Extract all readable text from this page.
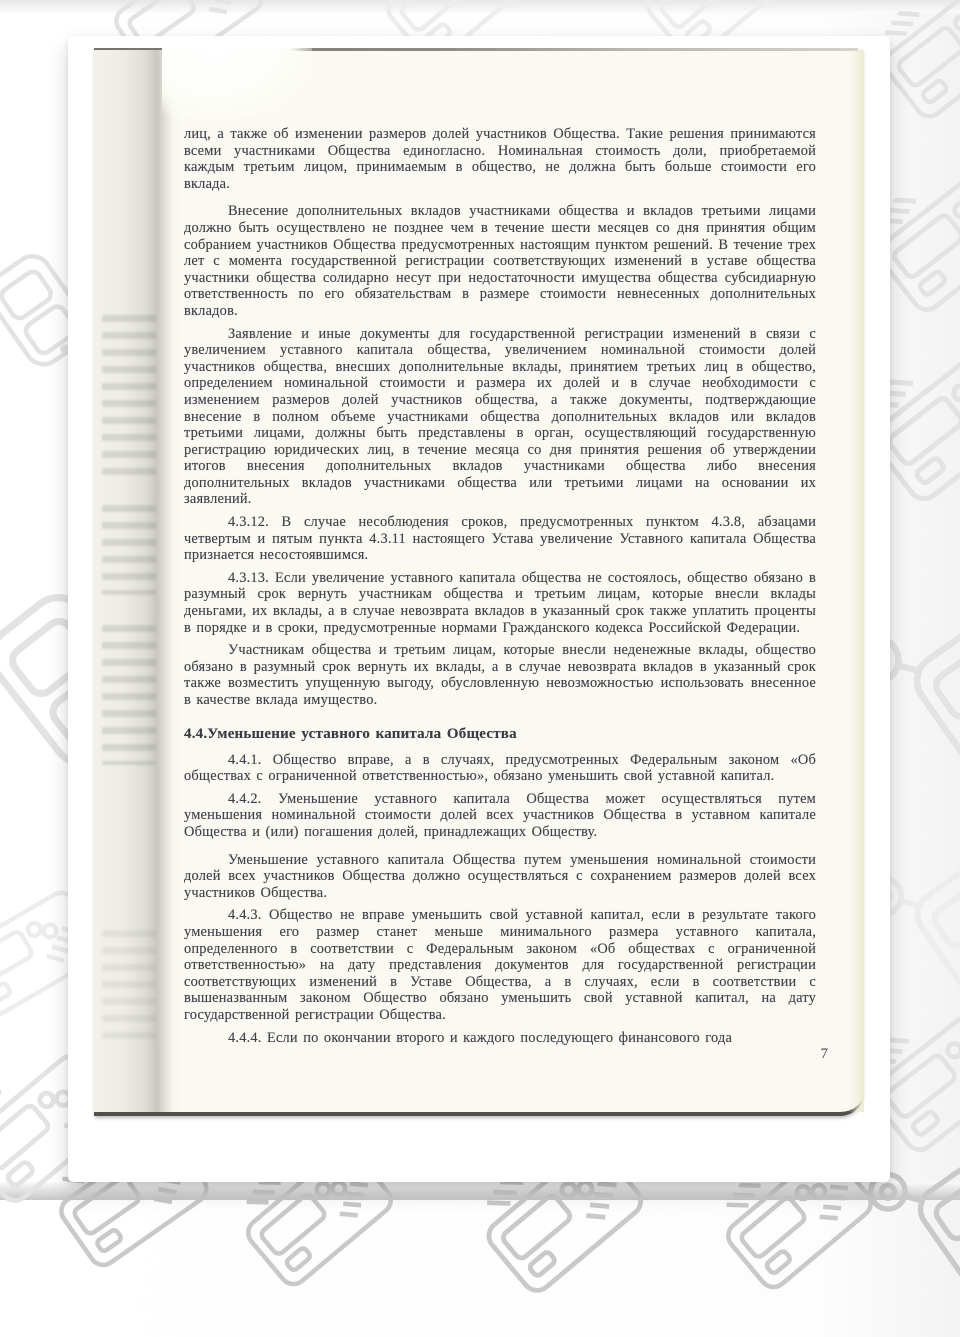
лиц, а также об изменении размеров долей участников Общества. Такие решения принимаются всеми участниками Общества единогласно. Номинальная стоимость доли, приобретаемой каждым третьим лицом, принимаемым в общество, не должна быть больше стоимости его вклада.

Внесение дополнительных вкладов участниками общества и вкладов третьими лицами должно быть осуществлено не позднее чем в течение шести месяцев со дня принятия общим собранием участников Общества предусмотренных настоящим пунктом решений. В течение трех лет с момента государственной регистрации соответствующих изменений в уставе общества участники общества солидарно несут при недостаточности имущества общества субсидиарную ответственность по его обязательствам в размере стоимости невнесенных дополнительных вкладов.

Заявление и иные документы для государственной регистрации изменений в связи с увеличением уставного капитала общества, увеличением номинальной стоимости долей участников общества, внесших дополнительные вклады, принятием третьих лиц в общество, определением номинальной стоимости и размера их долей и в случае необходимости с изменением размеров долей участников общества, а также документы, подтверждающие внесение в полном объеме участниками общества дополнительных вкладов или вкладов третьими лицами, должны быть представлены в орган, осуществляющий государственную регистрацию юридических лиц, в течение месяца со дня принятия решения об утверждении итогов внесения дополнительных вкладов участниками общества либо внесения дополнительных вкладов участниками общества или третьими лицами на основании их заявлений.

4.3.12. В случае несоблюдения сроков, предусмотренных пунктом 4.3.8, абзацами четвертым и пятым пункта 4.3.11 настоящего Устава увеличение Уставного капитала Общества признается несостоявшимся.

4.3.13. Если увеличение уставного капитала общества не состоялось, общество обязано в разумный срок вернуть участникам общества и третьим лицам, которые внесли вклады деньгами, их вклады, а в случае невозврата вкладов в указанный срок также уплатить проценты в порядке и в сроки, предусмотренные нормами Гражданского кодекса Российской Федерации.

Участникам общества и третьим лицам, которые внесли неденежные вклады, общество обязано в разумный срок вернуть их вклады, а в случае невозврата вкладов в указанный срок также возместить упущенную выгоду, обусловленную невозможностью использовать внесенное в качестве вклада имущество.

4.4.Уменьшение уставного капитала Общества

4.4.1. Общество вправе, а в случаях, предусмотренных Федеральным законом «Об обществах с ограниченной ответственностью», обязано уменьшить свой уставной капитал.

4.4.2. Уменьшение уставного капитала Общества может осуществляться путем уменьшения номинальной стоимости долей всех участников Общества в уставном капитале Общества и (или) погашения долей, принадлежащих Обществу.

Уменьшение уставного капитала Общества путем уменьшения номинальной стоимости долей всех участников Общества должно осуществляться с сохранением размеров долей всех участников Общества.

4.4.3. Общество не вправе уменьшить свой уставной капитал, если в результате такого уменьшения его размер станет меньше минимального размера уставного капитала, определенного в соответствии с Федеральным законом «Об обществах с ограниченной ответственностью» на дату представления документов для государственной регистрации соответствующих изменений в Уставе Общества, а в случаях, если в соответствии с вышеназванным законом Общество обязано уменьшить свой уставной капитал, на дату государственной регистрации Общества.

4.4.4. Если по окончании второго и каждого последующего финансового года

7
